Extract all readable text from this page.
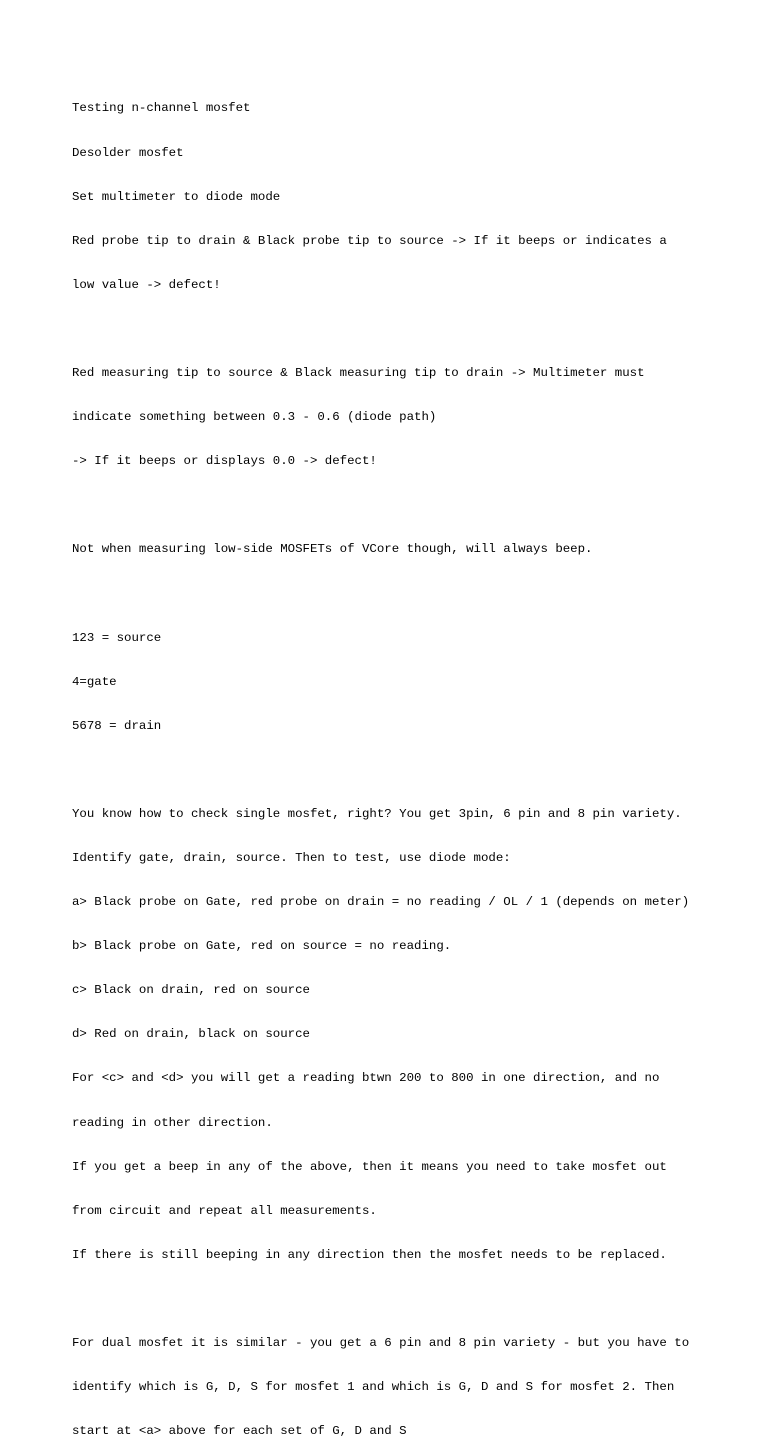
Testing n-channel mosfet

Desolder mosfet

Set multimeter to diode mode

Red probe tip to drain & Black probe tip to source -> If it beeps or indicates a

low value -> defect!

Red measuring tip to source & Black measuring tip to drain -> Multimeter must

indicate something between 0.3 - 0.6 (diode path)

-> If it beeps or displays 0.0 -> defect!

Not when measuring low-side MOSFETs of VCore though, will always beep.

123 = source

4=gate

5678 = drain

You know how to check single mosfet, right? You get 3pin, 6 pin and 8 pin variety.

Identify gate, drain, source. Then to test, use diode mode:

a> Black probe on Gate, red probe on drain = no reading / OL / 1 (depends on meter)

b> Black probe on Gate, red on source = no reading.

c> Black on drain, red on source

d> Red on drain, black on source

For <c> and <d> you will get a reading btwn 200 to 800 in one direction, and no

reading in other direction.

If you get a beep in any of the above, then it means you need to take mosfet out

from circuit and repeat all measurements.

If there is still beeping in any direction then the mosfet needs to be replaced.

For dual mosfet it is similar - you get a 6 pin and 8 pin variety - but you have to

identify which is G, D, S for mosfet 1 and which is G, D and S for mosfet 2. Then

start at <a> above for each set of G, D and S
